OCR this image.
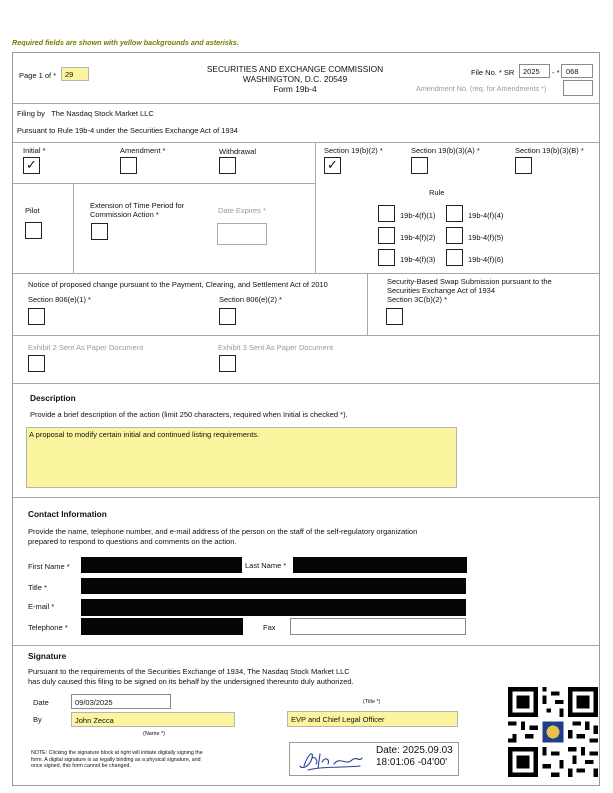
Required fields are shown with yellow backgrounds and asterisks.
Page 1 of *	29
SECURITIES AND EXCHANGE COMMISSION
WASHINGTON, D.C. 20549
Form 19b-4
File No. * SR	2025	- * 068
Amendment No. (req. for Amendments *)
Filing by The Nasdaq Stock Market LLC
Pursuant to Rule 19b-4 under the Securities Exchange Act of 1934
Initial *
✓
Amendment *	Withdrawal	Section 19(b)(2) *
✓
Section 19(b)(3)(A) *	Section 19(b)(3)(B) *
Pilot
Extension of Time Period for
Commission Action *	Date Expires *
Rule
19b-4(f)(1)	19b-4(f)(4)
19b-4(f)(2)	19b-4(f)(5)
19b-4(f)(3)	19b-4(f)(6)
Notice of proposed change pursuant to the Payment, Clearing, and Settlement Act of 2010
Section 806(e)(1) *	Section 806(e)(2) *
Security-Based Swap Submission pursuant to the
Securities Exchange Act of 1934
Section 3C(b)(2) *
Exhibit 2 Sent As Paper Document	Exhibit 3 Sent As Paper Document
Description
Provide a brief description of the action (limit 250 characters, required when Initial is checked *).
A proposal to modify certain initial and continued listing requirements.
Contact Information
Provide the name, telephone number, and e-mail address of the person on the staff of the self-regulatory organization
prepared to respond to questions and comments on the action.
First Name *	Last Name *
Title *
E-mail *
Telephone *	Fax
Signature
Pursuant to the requirements of the Securities Exchange of 1934, The Nasdaq Stock Market LLC
has duly caused this filing to be signed on its behalf by the undersigned thereunto duly authorized.
Date	09/03/2025	(Title *)
By	John Zecca
(Name *)
EVP and Chief Legal Officer
NOTE: Clicking the signature block at right will initiate digitally signing the
form. A digital signature is as legally binding as a physical signature, and
once signed, this form cannot be changed.
Date: 2025.09.03
18:01:06 -04'00'
